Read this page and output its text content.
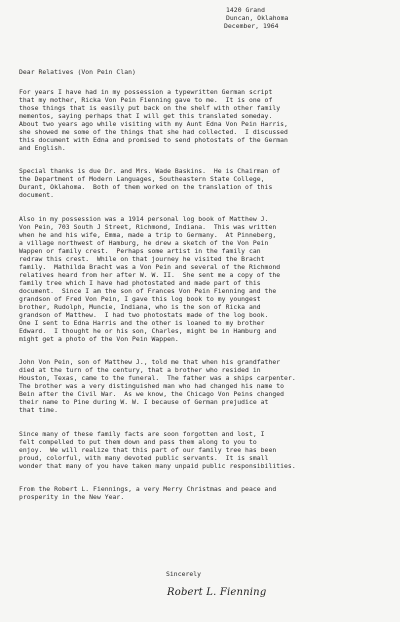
1420 Grand
Duncan, Oklahoma
December, 1964
Dear Relatives (Von Pein Clan)
For years I have had in my possession a typewritten German script
that my mother, Ricka Von Pein Fienning gave to me.  It is one of
those things that is easily put back on the shelf with other family
mementos, saying perhaps that I will get this translated someday.
About two years ago while visiting with my Aunt Edna Von Pein Harris,
she showed me some of the things that she had collected.  I discussed
this document with Edna and promised to send photostats of the German
and English.
Special thanks is due Dr. and Mrs. Wade Baskins.  He is Chairman of
the Department of Modern Languages, Southeastern State College,
Durant, Oklahoma.  Both of them worked on the translation of this
document.
Also in my possession was a 1914 personal log book of Matthew J.
Von Pein, 703 South J Street, Richmond, Indiana.  This was written
when he and his wife, Emma, made a trip to Germany.  At Pinneberg,
a village northwest of Hamburg, he drew a sketch of the Von Pein
Wappen or family crest.  Perhaps some artist in the family can
redraw this crest.  While on that journey he visited the Bracht
family.  Mathilda Bracht was a Von Pein and several of the Richmond
relatives heard from her after W. W. II.  She sent me a copy of the
family tree which I have had photostated and made part of this
document.  Since I am the son of Frances Von Pein Fienning and the
grandson of Fred Von Pein, I gave this log book to my youngest
brother, Rudolph, Muncie, Indiana, who is the son of Ricka and
grandson of Matthew.  I had two photostats made of the log book.
One I sent to Edna Harris and the other is loaned to my brother
Edward.  I thought he or his son, Charles, might be in Hamburg and
might get a photo of the Von Pein Wappen.
John Von Pein, son of Matthew J., told me that when his grandfather
died at the turn of the century, that a brother who resided in
Houston, Texas, came to the funeral.  The father was a ships carpenter.
The brother was a very distinguished man who had changed his name to
Bein after the Civil War.  As we know, the Chicago Von Peins changed
their name to Pine during W. W. I because of German prejudice at
that time.
Since many of these family facts are soon forgotten and lost, I
felt compelled to put them down and pass them along to you to
enjoy.  We will realize that this part of our family tree has been
proud, colorful, with many devoted public servants.  It is small
wonder that many of you have taken many unpaid public responsibilities.
From the Robert L. Fiennings, a very Merry Christmas and peace and
prosperity in the New Year.
Sincerely
Robert L. Fienning
